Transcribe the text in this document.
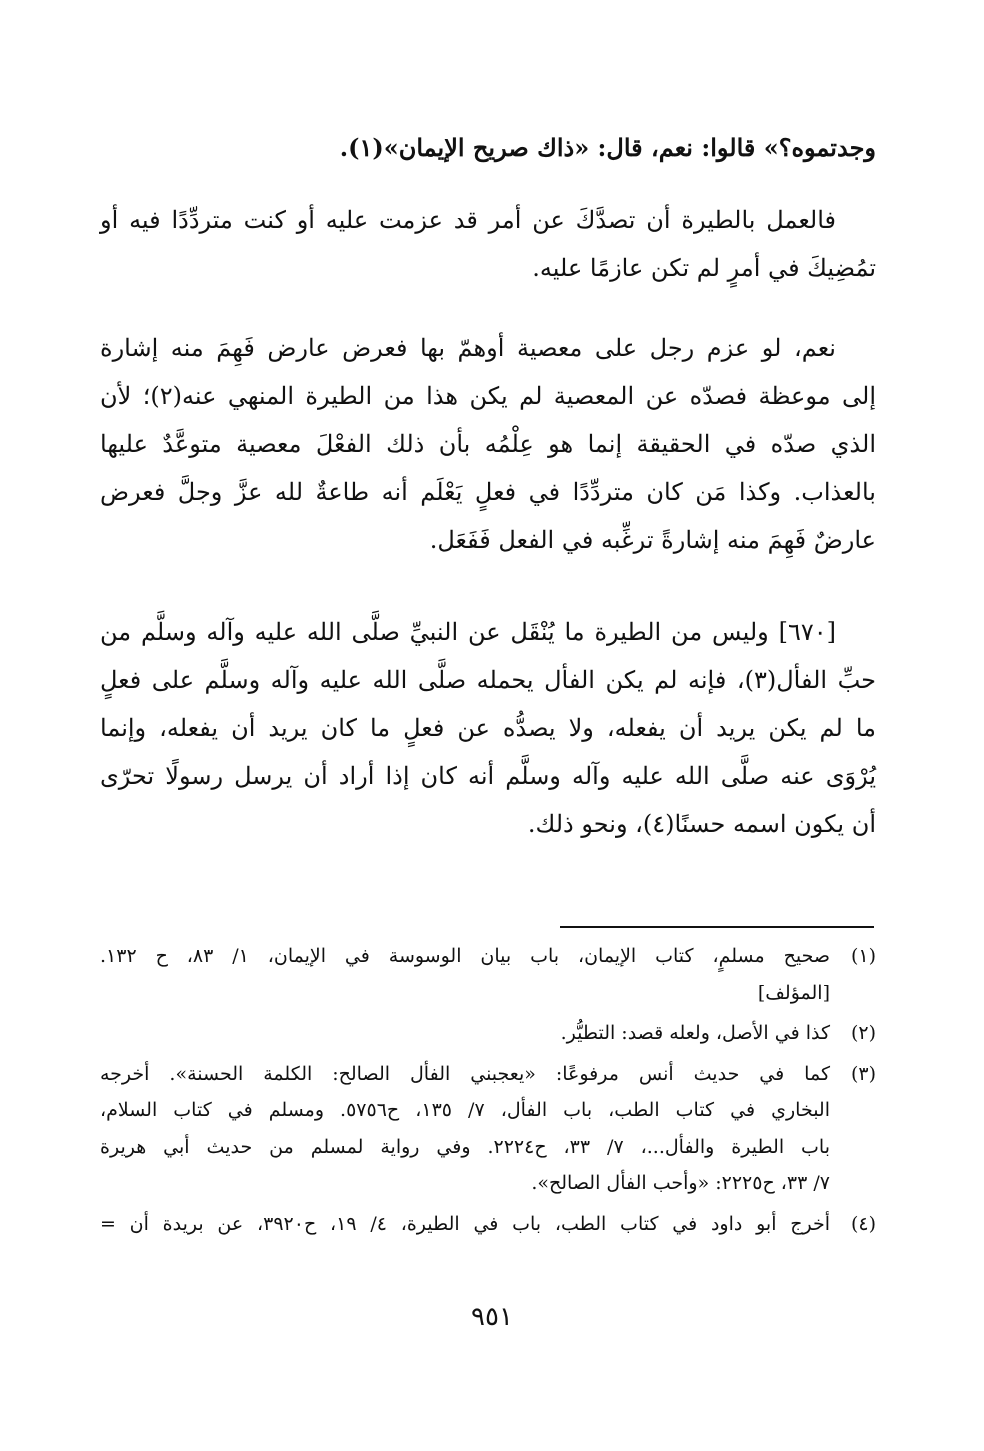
وجدتموه؟» قالوا: نعم، قال: «ذاك صريح الإيمان»(١).
فالعمل بالطيرة أن تصدَّكَ عن أمر قد عزمت عليه أو كنت متردِّدًا فيه أو
تمُضِيكَ في أمرٍ لم تكن عازمًا عليه.
نعم، لو عزم رجل على معصية أوهمّ بها فعرض عارض فَهِمَ منه إشارة
إلى موعظة فصدّه عن المعصية لم يكن هذا من الطيرة المنهي عنه(٢)؛ لأن
الذي صدّه في الحقيقة إنما هو عِلْمُه بأن ذلك الفعْلَ معصية متوعَّدٌ عليها
بالعذاب. وكذا مَن كان متردِّدًا في فعلٍ يَعْلَم أنه طاعةٌ لله عزَّ وجلَّ فعرض
عارضٌ فَهِمَ منه إشارةً ترغِّبه في الفعل فَفَعَل.
[٦٧٠] وليس من الطيرة ما يُنْقَل عن النبيِّ صلَّى الله عليه وآله وسلَّم من
حبِّ الفأل(٣)، فإنه لم يكن الفأل يحمله صلَّى الله عليه وآله وسلَّم على فعلٍ
ما لم يكن يريد أن يفعله، ولا يصدُّه عن فعلٍ ما كان يريد أن يفعله، وإنما
يُرْوَى عنه صلَّى الله عليه وآله وسلَّم أنه كان إذا أراد أن يرسل رسولًا تحرّى
أن يكون اسمه حسنًا(٤)، ونحو ذلك.
(١)
صحيح مسلمٍ، كتاب الإيمان، باب بيان الوسوسة في الإيمان، ١/ ٨٣، ح ١٣٢.
[المؤلف]
(٢)
كذا في الأصل، ولعله قصد: التطيُّر.
(٣)
كما في حديث أنس مرفوعًا: «يعجبني الفأل الصالح: الكلمة الحسنة». أخرجه
البخاري في كتاب الطب، باب الفأل، ٧/ ١٣٥، ح٥٧٥٦. ومسلم في كتاب السلام،
باب الطيرة والفأل...، ٧/ ٣٣، ح٢٢٢٤. وفي رواية لمسلم من حديث أبي هريرة
٧/ ٣٣، ح٢٢٢٥: «وأحب الفأل الصالح».
(٤)
أخرج أبو داود في كتاب الطب، باب في الطيرة، ٤/ ١٩، ح٣٩٢٠، عن بريدة أن =
٩٥١
